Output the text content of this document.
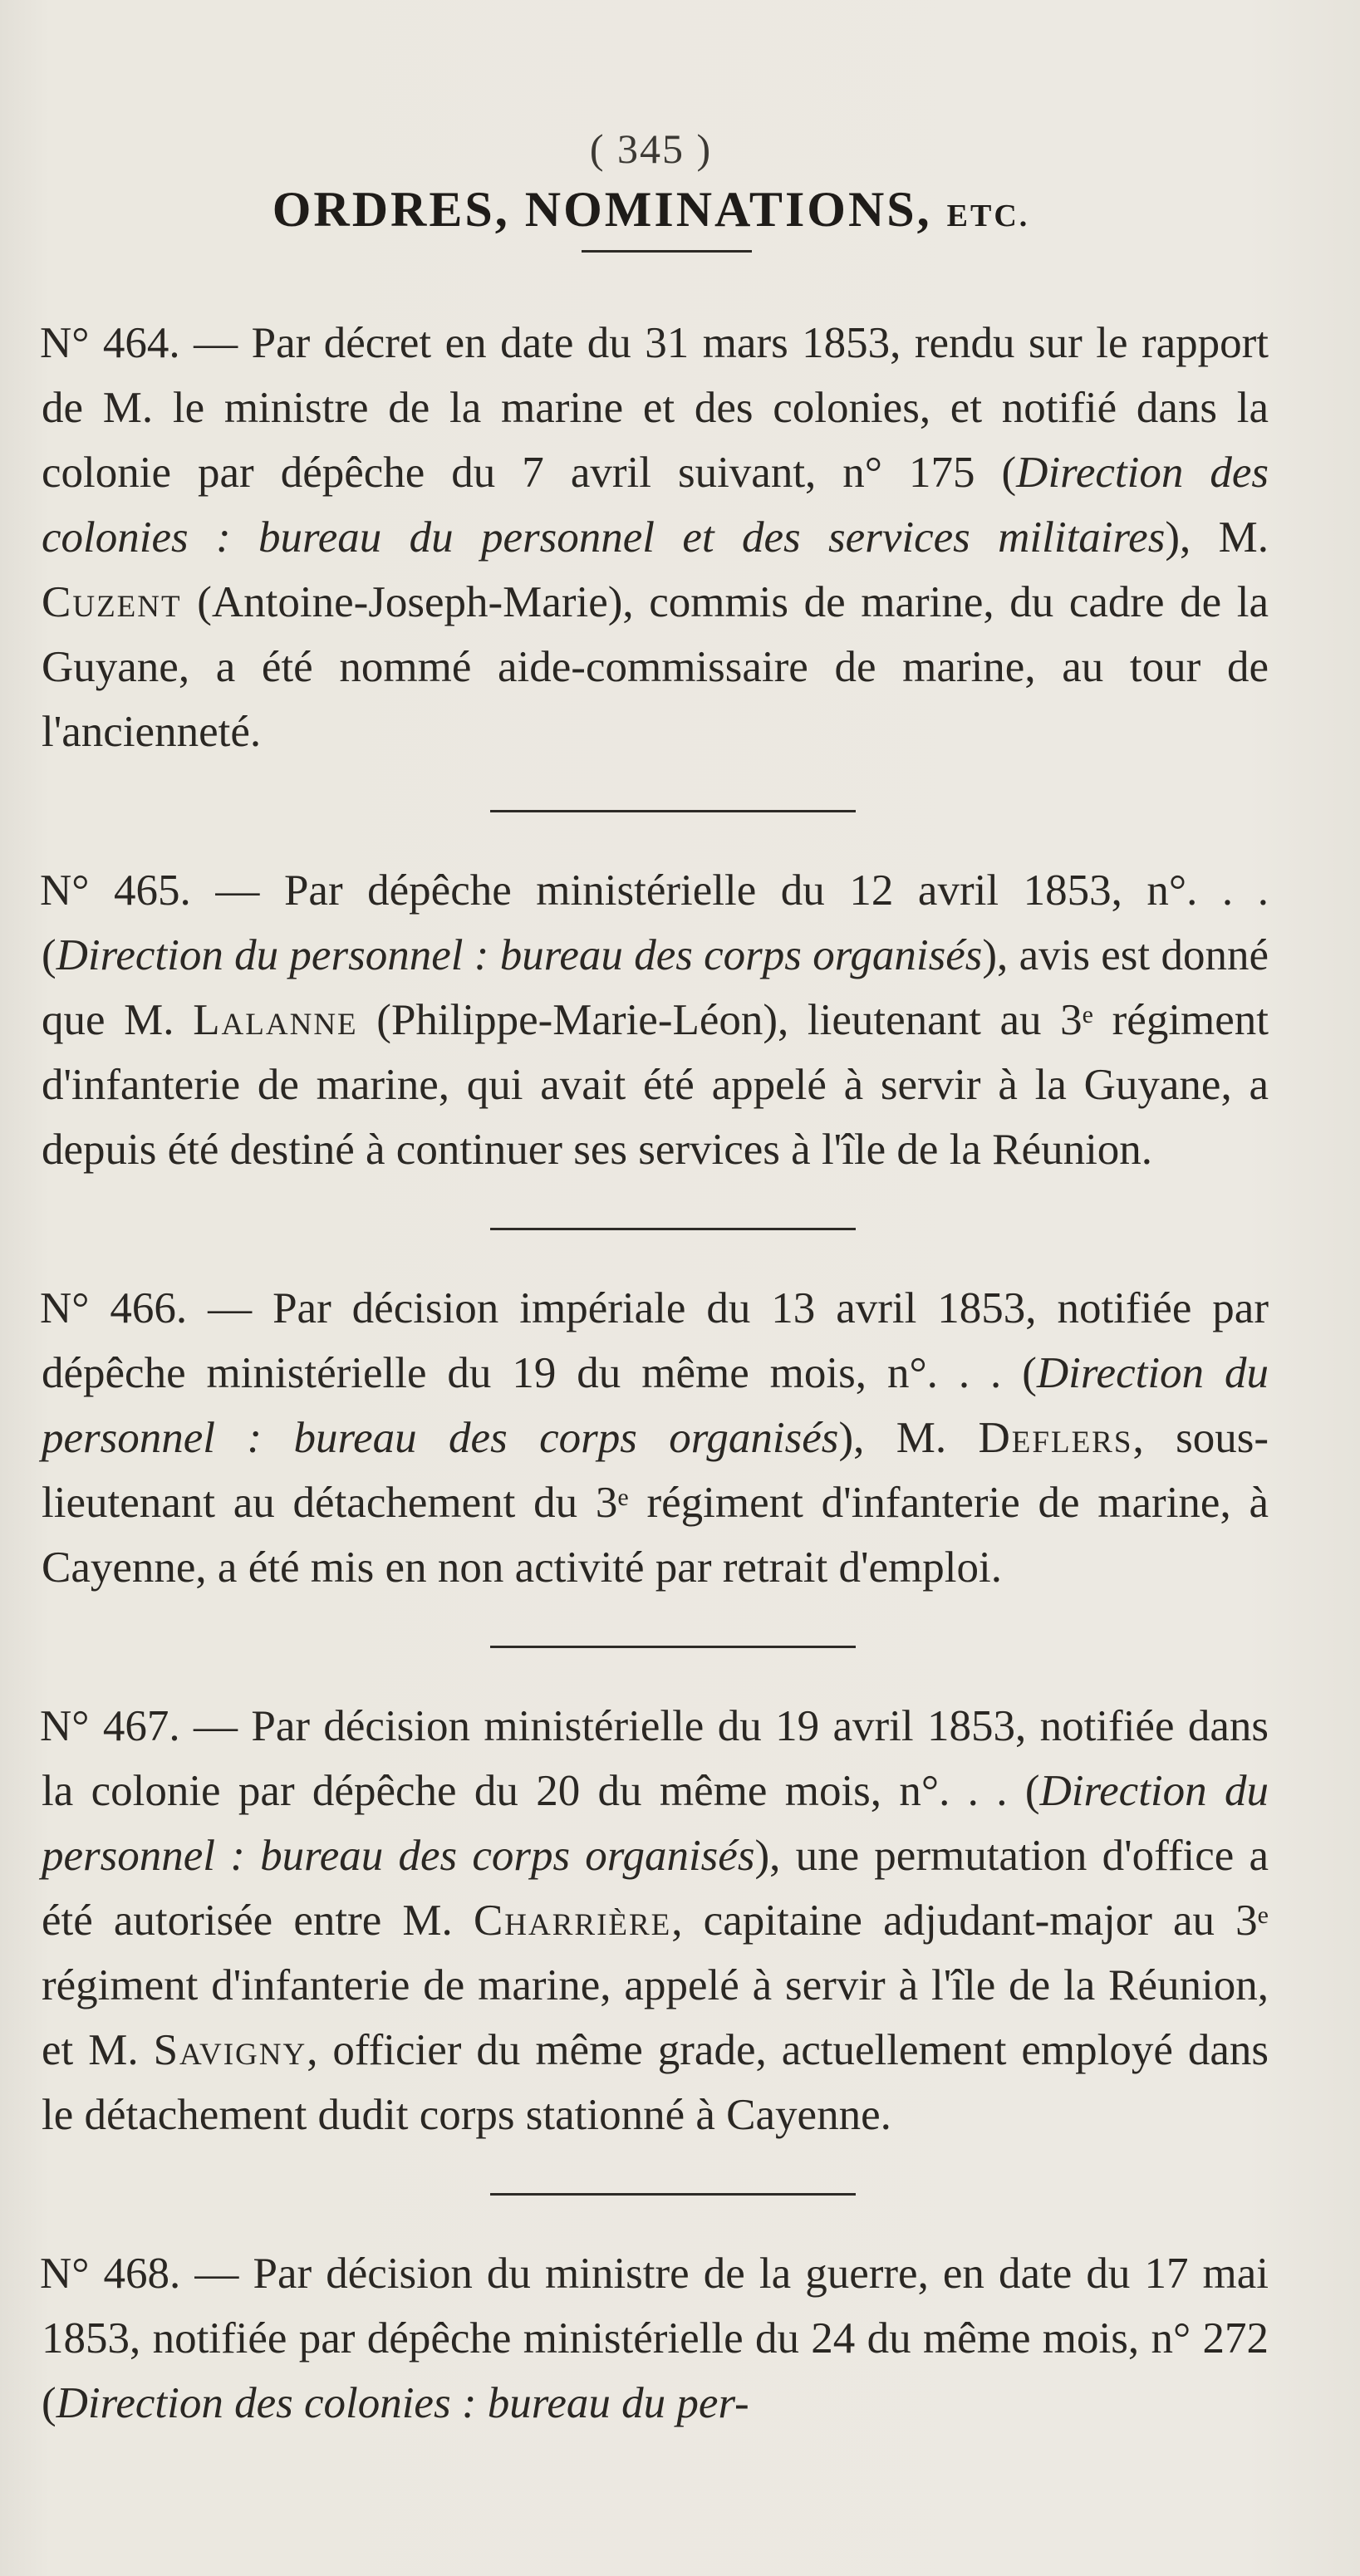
( 345 )
ORDRES, NOMINATIONS, ETC.

N° 464. — Par décret en date du 31 mars 1853, rendu sur le rapport de M. le ministre de la marine et des colonies, et notifié dans la colonie par dépêche du 7 avril suivant, n° 175 (Direction des colonies : bureau du personnel et des services militaires), M. Cuzent (Antoine-Joseph-Marie), commis de marine, du cadre de la Guyane, a été nommé aide-commissaire de marine, au tour de l'ancienneté.

N° 465. — Par dépêche ministérielle du 12 avril 1853, n°. . . (Direction du personnel : bureau des corps organisés), avis est donné que M. Lalanne (Philippe-Marie-Léon), lieutenant au 3e régiment d'infanterie de marine, qui avait été appelé à servir à la Guyane, a depuis été destiné à continuer ses services à l'île de la Réunion.

N° 466. — Par décision impériale du 13 avril 1853, notifiée par dépêche ministérielle du 19 du même mois, n°. . . (Direction du personnel : bureau des corps organisés), M. Deflers, sous-lieutenant au détachement du 3e régiment d'infanterie de marine, à Cayenne, a été mis en non activité par retrait d'emploi.

N° 467. — Par décision ministérielle du 19 avril 1853, notifiée dans la colonie par dépêche du 20 du même mois, n°. . . (Direction du personnel : bureau des corps organisés), une permutation d'office a été autorisée entre M. Charrière, capitaine adjudant-major au 3e régiment d'infanterie de marine, appelé à servir à l'île de la Réunion, et M. Savigny, officier du même grade, actuellement employé dans le détachement dudit corps stationné à Cayenne.

N° 468. — Par décision du ministre de la guerre, en date du 17 mai 1853, notifiée par dépêche ministérielle du 24 du même mois, n° 272 (Direction des colonies : bureau du per-
